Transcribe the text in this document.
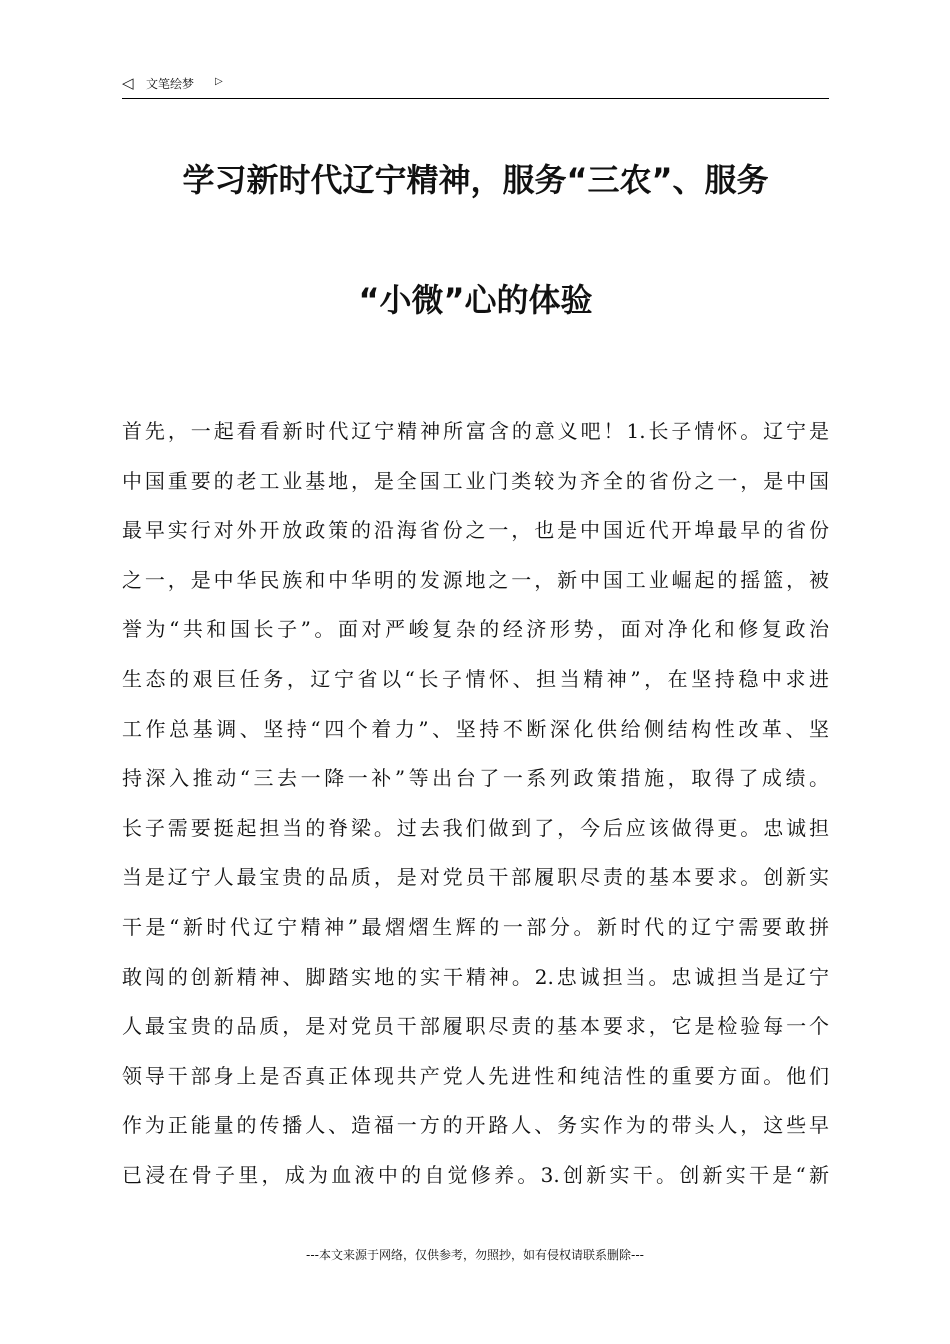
◁ 文笔绘梦 ▷
学习新时代辽宁精神，服务“三农”、服务
“小微”心的体验
首先，一起看看新时代辽宁精神所富含的意义吧！1.长子情怀。辽宁是
中国重要的老工业基地，是全国工业门类较为齐全的省份之一，是中国
最早实行对外开放政策的沿海省份之一，也是中国近代开埠最早的省份
之一，是中华民族和中华明的发源地之一，新中国工业崛起的摇篮，被
誉为“共和国长子”。面对严峻复杂的经济形势，面对净化和修复政治
生态的艰巨任务，辽宁省以“长子情怀、担当精神”，在坚持稳中求进
工作总基调、坚持“四个着力”、坚持不断深化供给侧结构性改革、坚
持深入推动“三去一降一补”等出台了一系列政策措施，取得了成绩。
长子需要挺起担当的脊梁。过去我们做到了，今后应该做得更。忠诚担
当是辽宁人最宝贵的品质，是对党员干部履职尽责的基本要求。创新实
干是“新时代辽宁精神”最熠熠生辉的一部分。新时代的辽宁需要敢拼
敢闯的创新精神、脚踏实地的实干精神。2.忠诚担当。忠诚担当是辽宁
人最宝贵的品质，是对党员干部履职尽责的基本要求，它是检验每一个
领导干部身上是否真正体现共产党人先进性和纯洁性的重要方面。他们
作为正能量的传播人、造福一方的开路人、务实作为的带头人，这些早
已浸在骨子里，成为血液中的自觉修养。3.创新实干。创新实干是“新
---本文来源于网络，仅供参考，勿照抄，如有侵权请联系删除---
